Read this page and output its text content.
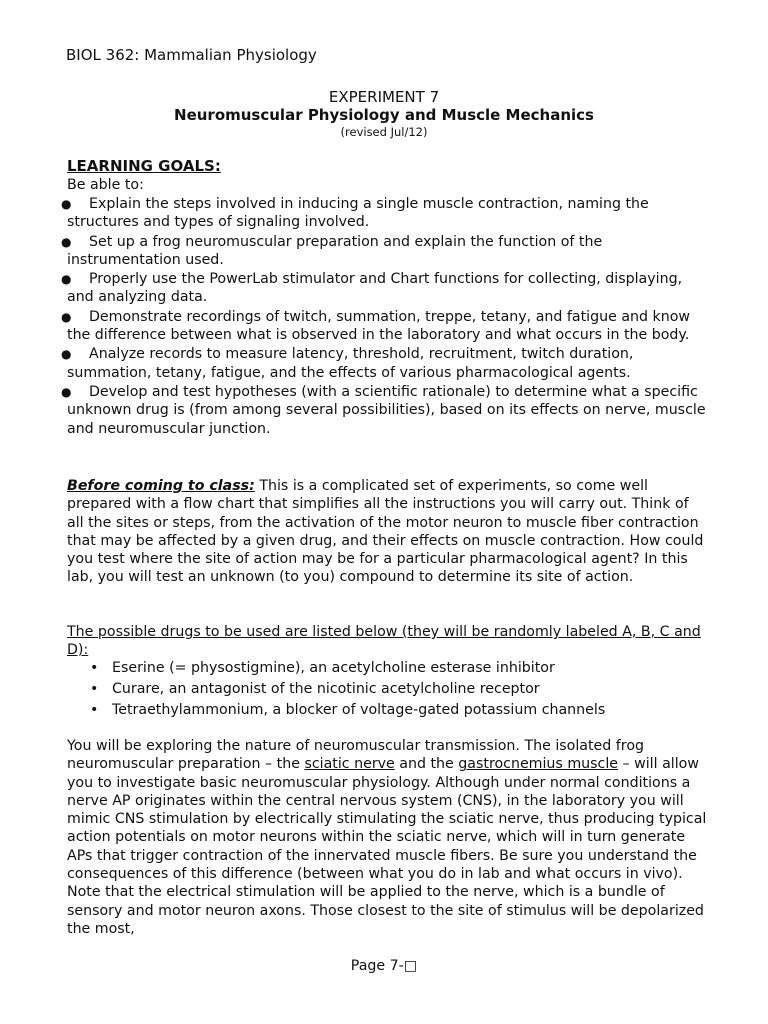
BIOL 362: Mammalian Physiology
EXPERIMENT 7
Neuromuscular Physiology and Muscle Mechanics
(revised Jul/12)
LEARNING GOALS:
Be able to:
● Explain the steps involved in inducing a single muscle contraction, naming the structures and types of signaling involved.
● Set up a frog neuromuscular preparation and explain the function of the instrumentation used.
● Properly use the PowerLab stimulator and Chart functions for collecting, displaying, and analyzing data.
● Demonstrate recordings of twitch, summation, treppe, tetany, and fatigue and know the difference between what is observed in the laboratory and what occurs in the body.
● Analyze records to measure latency, threshold, recruitment, twitch duration, summation, tetany, fatigue, and the effects of various pharmacological agents.
● Develop and test hypotheses (with a scientific rationale) to determine what a specific unknown drug is (from among several possibilities), based on its effects on nerve, muscle and neuromuscular junction.
Before coming to class: This is a complicated set of experiments, so come well prepared with a flow chart that simplifies all the instructions you will carry out. Think of all the sites or steps, from the activation of the motor neuron to muscle fiber contraction that may be affected by a given drug, and their effects on muscle contraction. How could you test where the site of action may be for a particular pharmacological agent? In this lab, you will test an unknown (to you) compound to determine its site of action.
The possible drugs to be used are listed below (they will be randomly labeled A, B, C and D):
• Eserine (= physostigmine), an acetylcholine esterase inhibitor
• Curare, an antagonist of the nicotinic acetylcholine receptor
• Tetraethylammonium, a blocker of voltage-gated potassium channels
You will be exploring the nature of neuromuscular transmission. The isolated frog neuromuscular preparation – the sciatic nerve and the gastrocnemius muscle – will allow you to investigate basic neuromuscular physiology. Although under normal conditions a nerve AP originates within the central nervous system (CNS), in the laboratory you will mimic CNS stimulation by electrically stimulating the sciatic nerve, thus producing typical action potentials on motor neurons within the sciatic nerve, which will in turn generate APs that trigger contraction of the innervated muscle fibers. Be sure you understand the consequences of this difference (between what you do in lab and what occurs in vivo). Note that the electrical stimulation will be applied to the nerve, which is a bundle of sensory and motor neuron axons. Those closest to the site of stimulus will be depolarized the most,
Page 7-□
